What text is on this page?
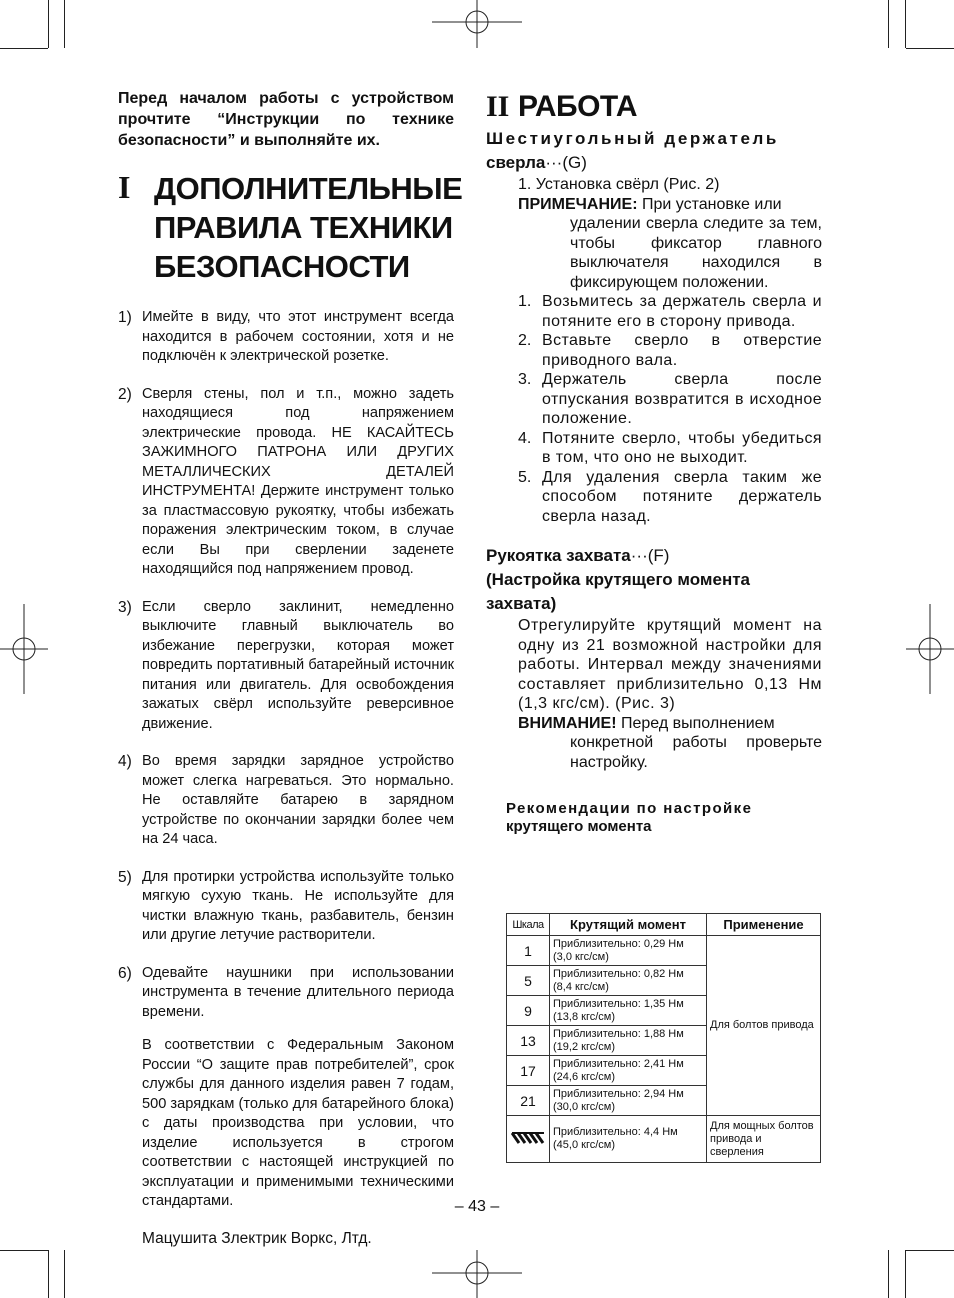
Перед началом работы с устройством прочтите “Инструкции по технике безопасности” и выполняйте их.

I ДОПОЛНИТЕЛЬНЫЕ
ПРАВИЛА ТЕХНИКИ
БЕЗОПАСНОСТИ
1) Имейте в виду, что этот инструмент всегда находится в рабочем состоянии, хотя и не подключён к электрической розетке.
2) Сверля стены, пол и т.п., можно задеть находящиеся под напряжением электрические провода. НЕ КАСАЙТЕСЬ ЗАЖИМНОГО ПАТРОНА ИЛИ ДРУГИХ МЕТАЛЛИЧЕСКИХ ДЕТАЛЕЙ ИНСТРУМЕНТА! Держите инструмент только за пластмассовую рукоятку, чтобы избежать поражения электрическим током, в случае если Вы при сверлении заденете находящийся под напряжением провод.
3) Если сверло заклинит, немедленно выключите главный выключатель во избежание перегрузки, которая может повредить портативный батарейный источник питания или двигатель. Для освобождения зажатых свёрл используйте реверсивное движение.
4) Во время зарядки зарядное устройство может слегка нагреваться. Это нормально. Не оставляйте батарею в зарядном устройстве по окончании зарядки более чем на 24 часа.
5) Для протирки устройства используйте только мягкую сухую ткань. Не используйте для чистки влажную ткань, разбавитель, бензин или другие летучие растворители.
6) Одевайте наушники при использовании инструмента в течение длительного периода времени.
В соответствии с Федеральным Законом России “О защите прав потребителей”, срок службы для данного изделия равен 7 годам, 500 зарядкам (только для батарейного блока) с даты производства при условии, что изделие используется в строгом соответствии с настоящей инструкцией по эксплуатации и применимыми техническими стандартами.
Мацушита Злектрик Воркс, Лтд.
II РАБОТА
Шестиугольный держатель
сверла···(G)
1. Установка свёрл (Рис. 2)
ПРИМЕЧАНИЕ: При установке или
удалении сверла следите за тем, чтобы фиксатор главного выключателя находился в фиксирующем положении.
1. Возьмитесь за держатель сверла и потяните его в сторону привода.
2. Вставьте сверло в отверстие приводного вала.
3. Держатель сверла после отпускания возвратится в исходное положение.
4. Потяните сверло, чтобы убедиться в том, что оно не выходит.
5. Для удаления сверла таким же способом потяните держатель сверла назад.
Рукоятка захвата···(F)
(Настройка крутящего момента захвата)
Отрегулируйте крутящий момент на одну из 21 возможной настройки для работы. Интервал между значениями составляет приблизительно 0,13 Нм (1,3 кгс/см). (Рис. 3)
ВНИМАНИЕ! Перед выполнением
конкретной работы проверьте настройку.
Рекомендации по настройке
крутящего момента
Шкала	Крутящий момент	Применение
1	Приблизительно: 0,29 Нм (3,0 кгс/см)	Для болтов привода
5	Приблизительно: 0,82 Нм (8,4 кгс/см)	
9	Приблизительно: 1,35 Нм (13,8 кгс/см)	
13	Приблизительно: 1,88 Нм (19,2 кгс/см)	
17	Приблизительно: 2,41 Нм (24,6 кгс/см)	
21	Приблизительно: 2,94 Нм (30,0 кгс/см)	
	Приблизительно: 4,4 Нм (45,0 кгс/см)	Для мощных болтов привода и сверления
– 43 –
